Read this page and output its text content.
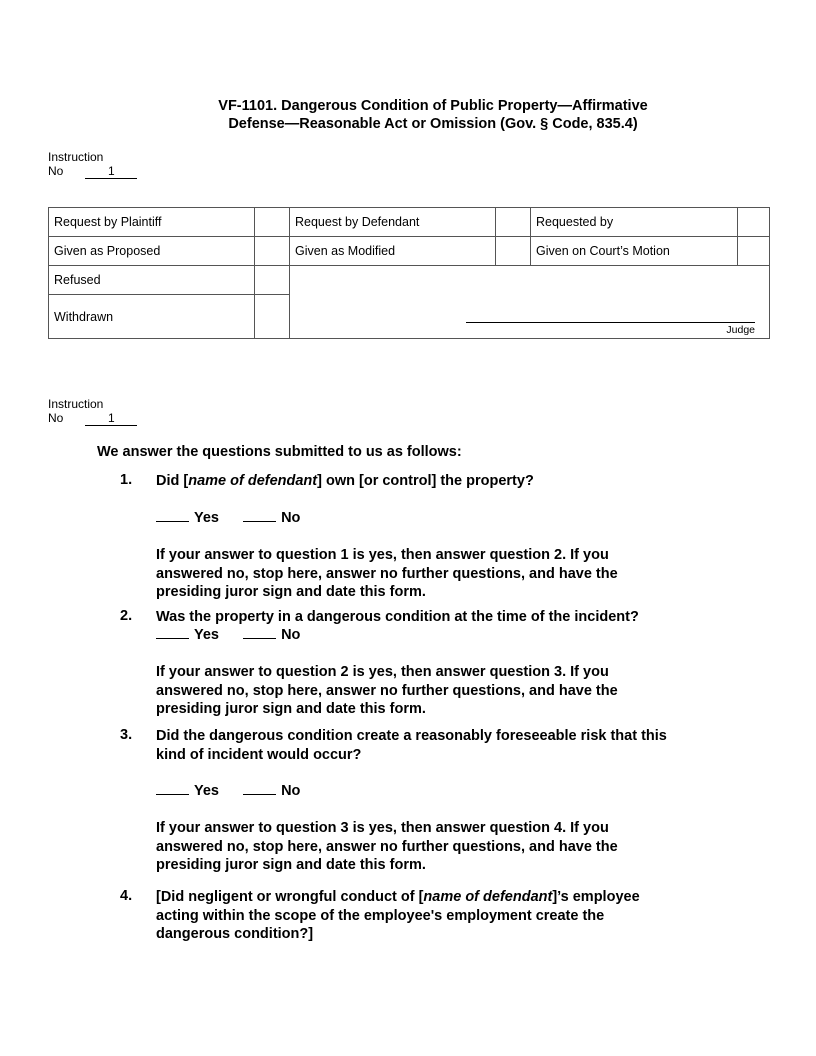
VF-1101. Dangerous Condition of Public Property—Affirmative
Defense—Reasonable Act or Omission (Gov. § Code, 835.4)
Instruction
No	1
Request by Plaintiff		Request by Defendant		Requested by	
Given as Proposed		Given as Modified		Given on Court’s Motion	
Refused		Judge			

Withdrawn					
Instruction
No	1
We answer the questions submitted to us as follows:
1. Did [name of defendant] own [or control] the property?
Yes	No
If your answer to question 1 is yes, then answer question 2. If you
answered no, stop here, answer no further questions, and have the
presiding juror sign and date this form.
2. Was the property in a dangerous condition at the time of the incident?
Yes	No
If your answer to question 2 is yes, then answer question 3. If you
answered no, stop here, answer no further questions, and have the
presiding juror sign and date this form.
3. Did the dangerous condition create a reasonably foreseeable risk that this
kind of incident would occur?
Yes	No
If your answer to question 3 is yes, then answer question 4. If you
answered no, stop here, answer no further questions, and have the
presiding juror sign and date this form.
4. [Did negligent or wrongful conduct of [name of defendant]’s employee
acting within the scope of the employee's employment create the
dangerous condition?]
